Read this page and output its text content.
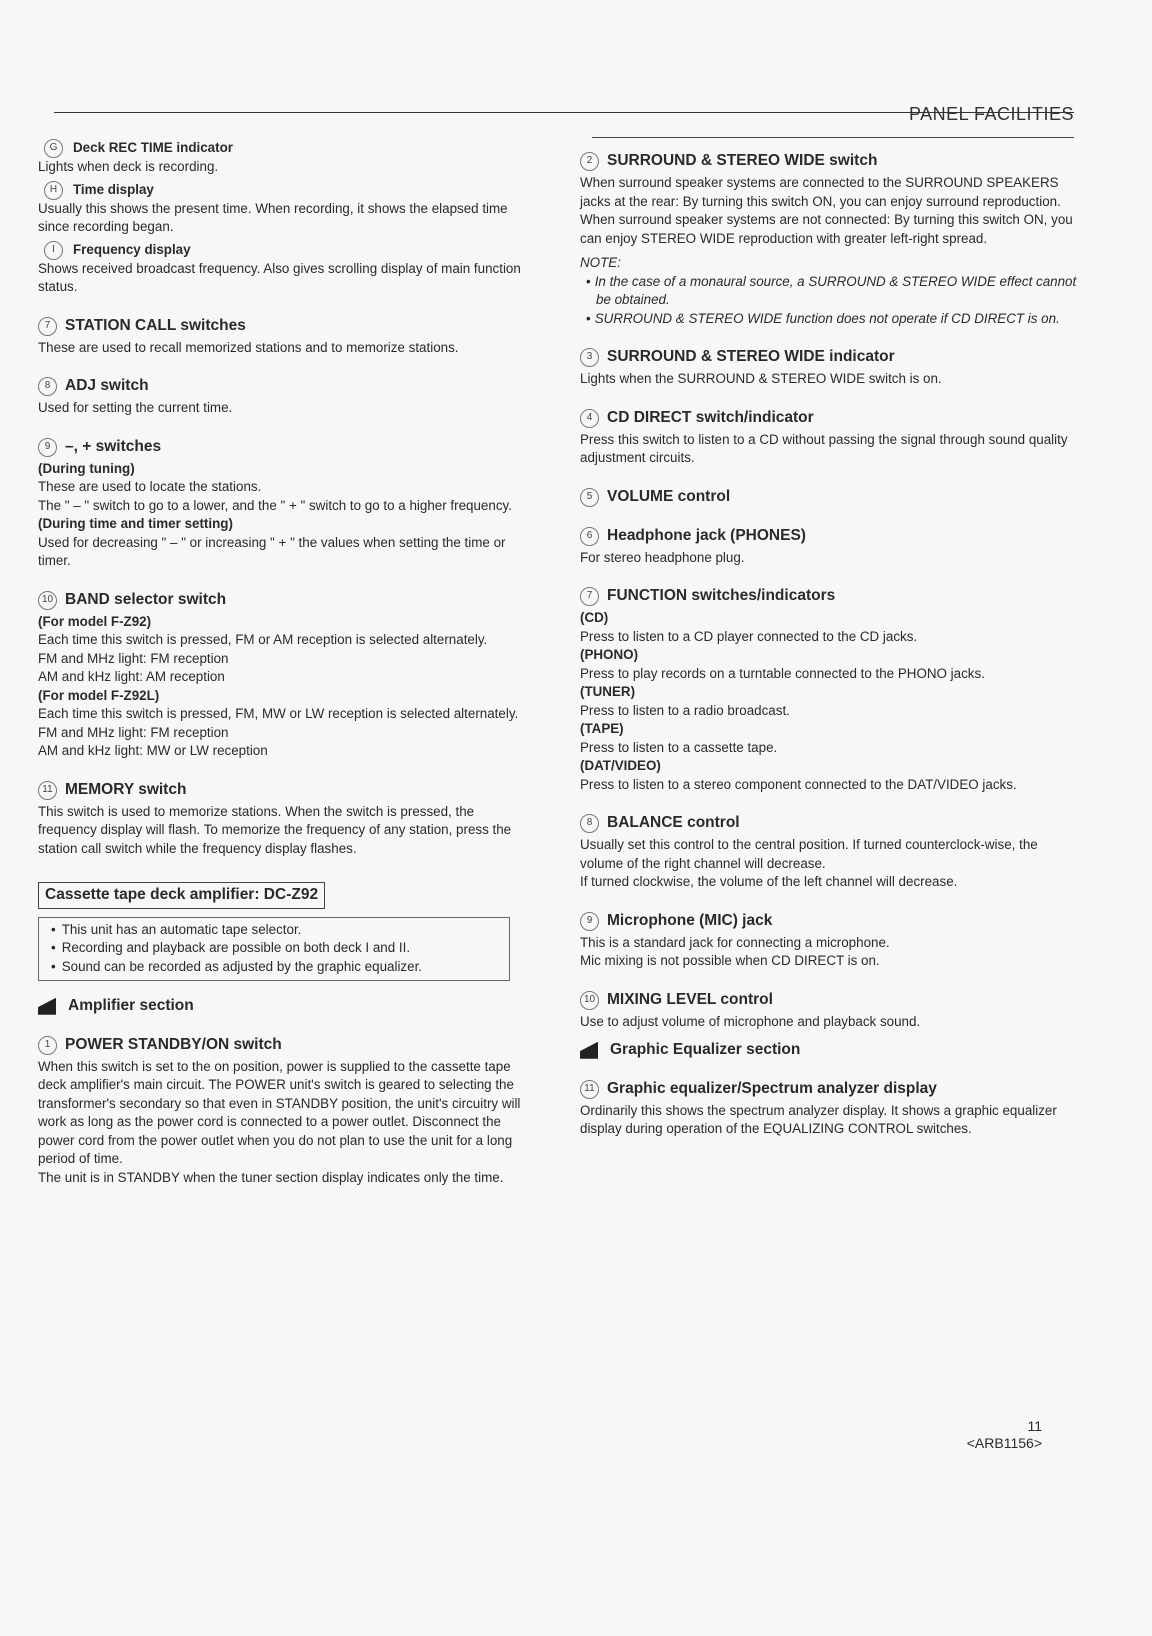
PANEL FACILITIES
G	Deck REC TIME indicator

Lights when deck is recording.

H	Time display

Usually this shows the present time. When recording, it shows the elapsed time since recording began.

I	Frequency display

Shows received broadcast frequency. Also gives scrolling display of main function status.

7 STATION CALL switches

These are used to recall memorized stations and to memorize stations.

8 ADJ switch

Used for setting the current time.

9 –, + switches

(During tuning)

These are used to locate the stations.

The " – " switch to go to a lower, and the " + " switch to go to a higher frequency.

(During time and timer setting)

Used for decreasing " – " or increasing " + " the values when setting the time or timer.

10 BAND selector switch

(For model F-Z92)

Each time this switch is pressed, FM or AM reception is selected alternately.

FM and MHz light: FM reception

AM and kHz light: AM reception

(For model F-Z92L)

Each time this switch is pressed, FM, MW or LW reception is selected alternately.

FM and MHz light: FM reception

AM and kHz light: MW or LW reception

11 MEMORY switch

This switch is used to memorize stations. When the switch is pressed, the frequency display will flash. To memorize the frequency of any station, press the station call switch while the frequency display flashes.

Cassette tape deck amplifier: DC-Z92
• This unit has an automatic tape selector.
• Recording and playback are possible on both deck I and II.
• Sound can be recorded as adjusted by the graphic equalizer.
Amplifier section
1 POWER STANDBY/ON switch

When this switch is set to the on position, power is supplied to the cassette tape deck amplifier's main circuit. The POWER unit's switch is geared to selecting the transformer's secondary so that even in STANDBY position, the unit's circuitry will work as long as the power cord is connected to a power outlet. Disconnect the power cord from the power outlet when you do not plan to use the unit for a long period of time.

The unit is in STANDBY when the tuner section display indicates only the time.

2 SURROUND & STEREO WIDE switch

When surround speaker systems are connected to the SURROUND SPEAKERS jacks at the rear: By turning this switch ON, you can enjoy surround reproduction.

When surround speaker systems are not connected: By turning this switch ON, you can enjoy STEREO WIDE reproduction with greater left-right spread.

NOTE:

• In the case of a monaural source, a SURROUND & STEREO WIDE effect cannot be obtained.
• SURROUND & STEREO WIDE function does not operate if CD DIRECT is on.
3 SURROUND & STEREO WIDE indicator

Lights when the SURROUND & STEREO WIDE switch is on.

4 CD DIRECT switch/indicator

Press this switch to listen to a CD without passing the signal through sound quality adjustment circuits.

5 VOLUME control
6 Headphone jack (PHONES)

For stereo headphone plug.

7 FUNCTION switches/indicators

(CD)

Press to listen to a CD player connected to the CD jacks.

(PHONO)

Press to play records on a turntable connected to the PHONO jacks.

(TUNER)

Press to listen to a radio broadcast.

(TAPE)

Press to listen to a cassette tape.

(DAT/VIDEO)

Press to listen to a stereo component connected to the DAT/VIDEO jacks.

8 BALANCE control

Usually set this control to the central position. If turned counterclock-wise, the volume of the right channel will decrease.

If turned clockwise, the volume of the left channel will decrease.

9 Microphone (MIC) jack

This is a standard jack for connecting a microphone.

Mic mixing is not possible when CD DIRECT is on.

10 MIXING LEVEL control

Use to adjust volume of microphone and playback sound.

Graphic Equalizer section
11 Graphic equalizer/Spectrum analyzer display

Ordinarily this shows the spectrum analyzer display. It shows a graphic equalizer display during operation of the EQUALIZING CONTROL switches.

11
<ARB1156>
